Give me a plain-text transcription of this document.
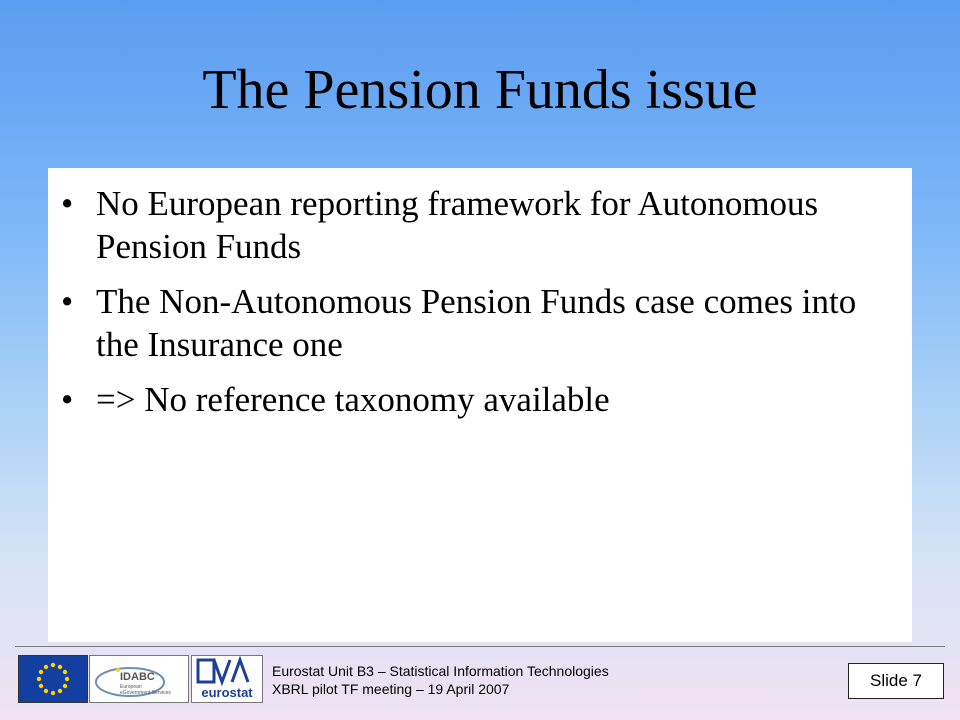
The Pension Funds issue
• No European reporting framework for Autonomous Pension Funds
• The Non-Autonomous Pension Funds case comes into the Insurance one
• => No reference taxonomy available
IDABC
European
eGovernment Services eurostat
Eurostat Unit B3 – Statistical Information Technologies
XBRL pilot TF meeting – 19 April 2007	Slide 7
